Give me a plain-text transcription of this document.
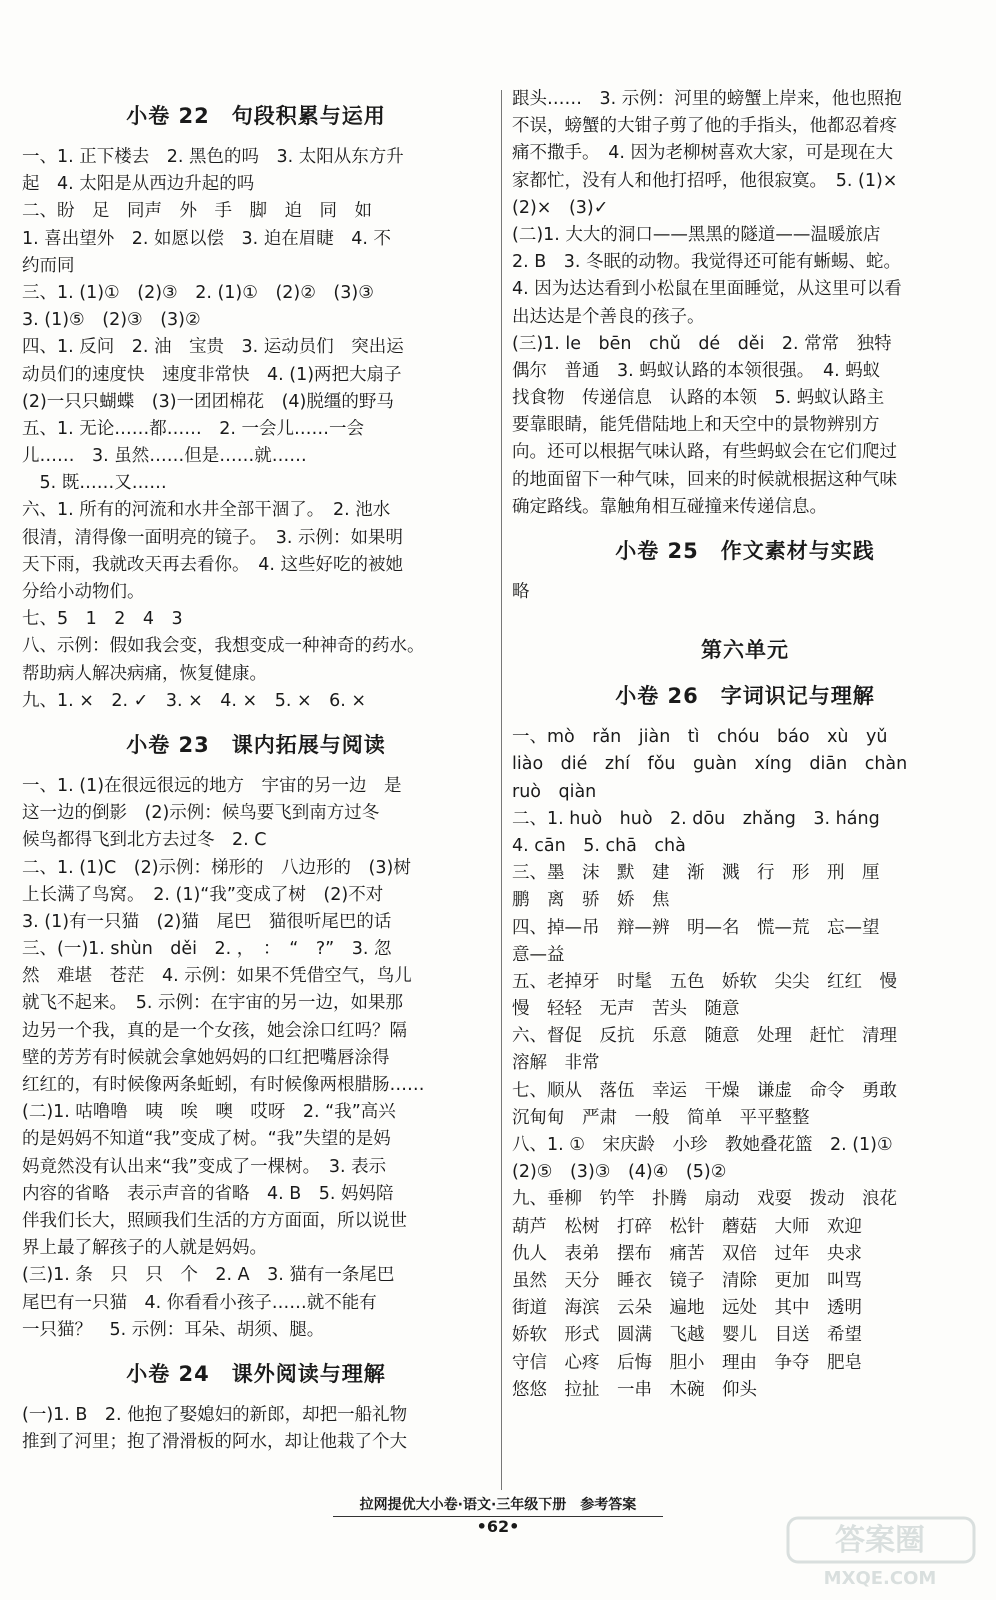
小卷 22　句段积累与运用
一、1. 正下楼去　2. 黑色的吗　3. 太阳从东方升
起　4. 太阳是从西边升起的吗
二、盼　足　同声　外　手　脚　迫　同　如
1. 喜出望外　2. 如愿以偿　3. 迫在眉睫　4. 不
约而同
三、1. (1)①　(2)③　2. (1)①　(2)②　(3)③
3. (1)⑤　(2)③　(3)②
四、1. 反问　2. 油　宝贵　3. 运动员们　突出运
动员们的速度快　速度非常快　4. (1)两把大扇子
(2)一只只蝴蝶　(3)一团团棉花　(4)脱缰的野马
五、1. 无论……都……　2. 一会儿……一会
儿……　3. 虽然……但是……就……
　5. 既……又……
六、1. 所有的河流和水井全部干涸了。　2. 池水
很清，清得像一面明亮的镜子。　3. 示例：如果明
天下雨，我就改天再去看你。　4. 这些好吃的被她
分给小动物们。
七、5　1　2　4　3
八、示例：假如我会变，我想变成一种神奇的药水。
帮助病人解决病痛，恢复健康。
九、1. ×　2. ✓　3. ×　4. ×　5. ×　6. ×
小卷 23　课内拓展与阅读
一、1. (1)在很远很远的地方　宇宙的另一边　是
这一边的倒影　(2)示例：候鸟要飞到南方过冬
候鸟都得飞到北方去过冬　2. C
二、1. (1)C　(2)示例：梯形的　八边形的　(3)树
上长满了鸟窝。　2. (1)“我”变成了树　(2)不对
3. (1)有一只猫　(2)猫　尾巴　猫很听尾巴的话
三、(一)1. shùn　děi　2. ，　：　“　?”　3. 忽
然　难堪　苍茫　4. 示例：如果不凭借空气，鸟儿
就飞不起来。　5. 示例：在宇宙的另一边，如果那
边另一个我，真的是一个女孩，她会涂口红吗？隔
壁的芳芳有时候就会拿她妈妈的口红把嘴唇涂得
红红的，有时候像两条蚯蚓，有时候像两根腊肠……
(二)1. 咕噜噜　咦　唉　噢　哎呀　2. “我”高兴
的是妈妈不知道“我”变成了树。“我”失望的是妈
妈竟然没有认出来“我”变成了一棵树。　3. 表示
内容的省略　表示声音的省略　4. B　5. 妈妈陪
伴我们长大，照顾我们生活的方方面面，所以说世
界上最了解孩子的人就是妈妈。
(三)1. 条　只　只　个　2. A　3. 猫有一条尾巴
尾巴有一只猫　4. 你看看小孩子……就不能有
一只猫？　5. 示例：耳朵、胡须、腿。
小卷 24　课外阅读与理解
(一)1. B　2. 他抱了娶媳妇的新郎，却把一船礼物
推到了河里；抱了滑滑板的阿水，却让他栽了个大
跟头……　3. 示例：河里的螃蟹上岸来，他也照抱
不误，螃蟹的大钳子剪了他的手指头，他都忍着疼
痛不撒手。　4. 因为老柳树喜欢大家，可是现在大
家都忙，没有人和他打招呼，他很寂寞。　5. (1)×
(2)×　(3)✓
(二)1. 大大的洞口——黑黑的隧道——温暖旅店
2. B　3. 冬眠的动物。我觉得还可能有蜥蜴、蛇。
4. 因为达达看到小松鼠在里面睡觉，从这里可以看
出达达是个善良的孩子。
(三)1. le　bēn　chǔ　dé　děi　2. 常常　独特
偶尔　普通　3. 蚂蚁认路的本领很强。　4. 蚂蚁
找食物　传递信息　认路的本领　5. 蚂蚁认路主
要靠眼睛，能凭借陆地上和天空中的景物辨别方
向。还可以根据气味认路，有些蚂蚁会在它们爬过
的地面留下一种气味，回来的时候就根据这种气味
确定路线。靠触角相互碰撞来传递信息。
小卷 25　作文素材与实践
略
第六单元
小卷 26　字词识记与理解
一、mò　rǎn　jiàn　tì　chóu　báo　xù　yǔ
liào　dié　zhí　fǒu　guàn　xíng　diān　chàn
ruò　qiàn
二、1. huò　huò　2. dōu　zhǎng　3. háng
4. cān　5. chā　chà
三、墨　沫　默　建　渐　溅　行　形　刑　厘
鹏　离　骄　娇　焦
四、掉—吊　辩—辨　明—名　慌—荒　忘—望
意—益
五、老掉牙　时髦　五色　娇软　尖尖　红红　慢
慢　轻轻　无声　苦头　随意
六、督促　反抗　乐意　随意　处理　赶忙　清理
溶解　非常
七、顺从　落伍　幸运　干燥　谦虚　命令　勇敢
沉甸甸　严肃　一般　简单　平平整整
八、1. ①　宋庆龄　小珍　教她叠花篮　2. (1)①
(2)⑤　(3)③　(4)④　(5)②
九、垂柳　钓竿　扑腾　扇动　戏耍　拨动　浪花
葫芦　松树　打碎　松针　蘑菇　大师　欢迎
仇人　表弟　摆布　痛苦　双倍　过年　央求
虽然　天分　睡衣　镜子　清除　更加　叫骂
街道　海滨　云朵　遍地　远处　其中　透明
娇软　形式　圆满　飞越　婴儿　目送　希望
守信　心疼　后悔　胆小　理由　争夺　肥皂
悠悠　拉扯　一串　木碗　仰头
拉网提优大小卷·语文·三年级下册　参考答案
•62•	答案圈
MXQE.COM
